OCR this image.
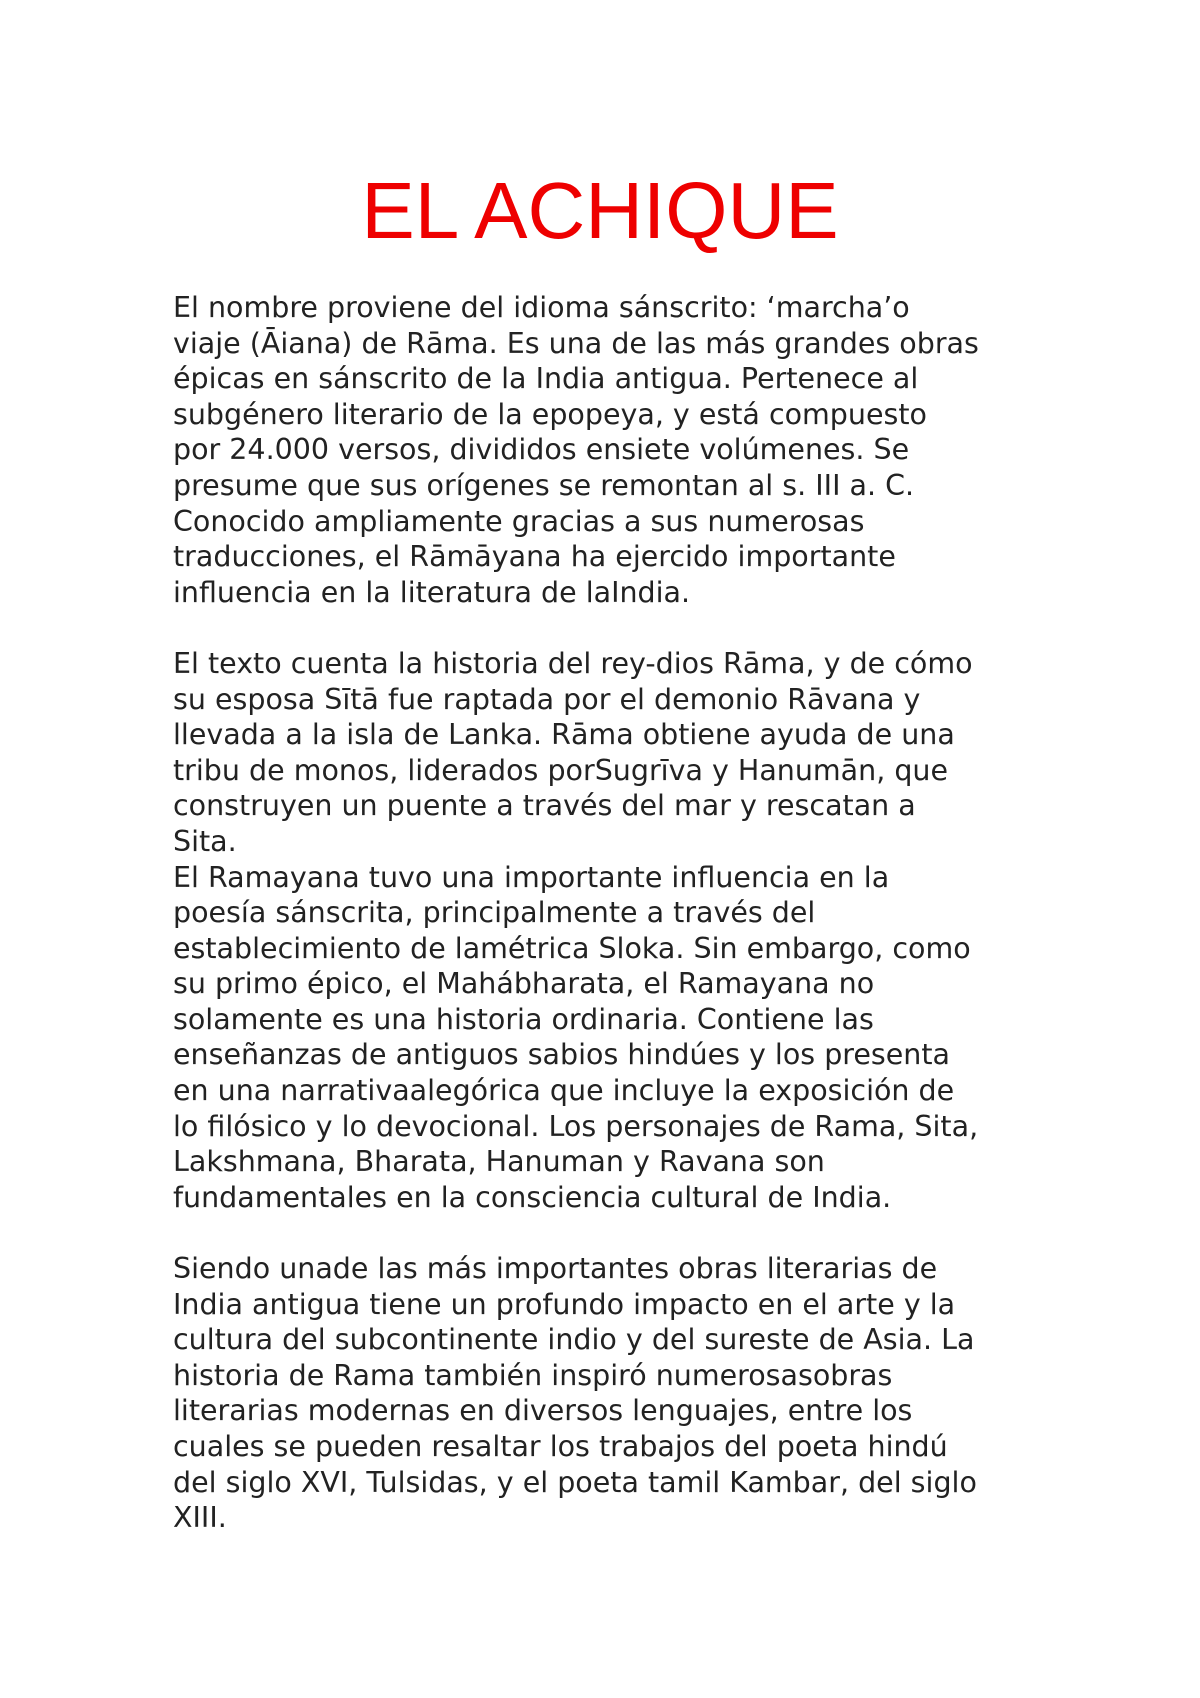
EL ACHIQUE
El nombre proviene del idioma sánscrito: ‘marcha’o
viaje (Āiana) de Rāma. Es una de las más grandes obras
épicas en sánscrito de la India antigua. Pertenece al
subgénero literario de la epopeya, y está compuesto
por 24.000 versos, divididos ensiete volúmenes. Se
presume que sus orígenes se remontan al s. III a. C.
Conocido ampliamente gracias a sus numerosas
traducciones, el Rāmāyana ha ejercido importante
influencia en la literatura de laIndia.
El texto cuenta la historia del rey-dios Rāma, y de cómo
su esposa Sītā fue raptada por el demonio Rāvana y
llevada a la isla de Lanka. Rāma obtiene ayuda de una
tribu de monos, liderados porSugrīva y Hanumān, que
construyen un puente a través del mar y rescatan a
Sita.
El Ramayana tuvo una importante influencia en la
poesía sánscrita, principalmente a través del
establecimiento de lamétrica Sloka. Sin embargo, como
su primo épico, el Mahábharata, el Ramayana no
solamente es una historia ordinaria. Contiene las
enseñanzas de antiguos sabios hindúes y los presenta
en una narrativaalegórica que incluye la exposición de
lo filósico y lo devocional. Los personajes de Rama, Sita,
Lakshmana, Bharata, Hanuman y Ravana son
fundamentales en la consciencia cultural de India.
Siendo unade las más importantes obras literarias de
India antigua tiene un profundo impacto en el arte y la
cultura del subcontinente indio y del sureste de Asia. La
historia de Rama también inspiró numerosasobras
literarias modernas en diversos lenguajes, entre los
cuales se pueden resaltar los trabajos del poeta hindú
del siglo XVI, Tulsidas, y el poeta tamil Kambar, del siglo
XIII.
